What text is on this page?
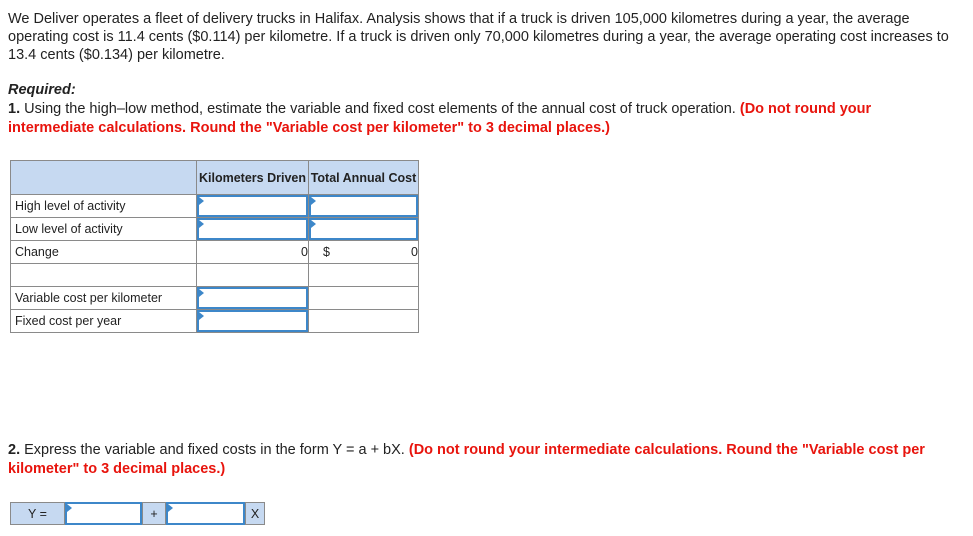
We Deliver operates a fleet of delivery trucks in Halifax. Analysis shows that if a truck is driven 105,000 kilometres during a year, the average operating cost is 11.4 cents ($0.114) per kilometre. If a truck is driven only 70,000 kilometres during a year, the average operating cost increases to 13.4 cents ($0.134) per kilometre.

Required:

1. Using the high–low method, estimate the variable and fixed cost elements of the annual cost of truck operation. (Do not round your intermediate calculations. Round the "Variable cost per kilometer" to 3 decimal places.)

	Kilometers Driven	Total Annual Cost
High level of activity	

Low level of activity	

Change	0	$ 0

Variable cost per kilometer	

Fixed cost per year	

2. Express the variable and fixed costs in the form Y = a + bX. (Do not round your intermediate calculations. Round the "Variable cost per kilometer" to 3 decimal places.)

Y =	+	X
